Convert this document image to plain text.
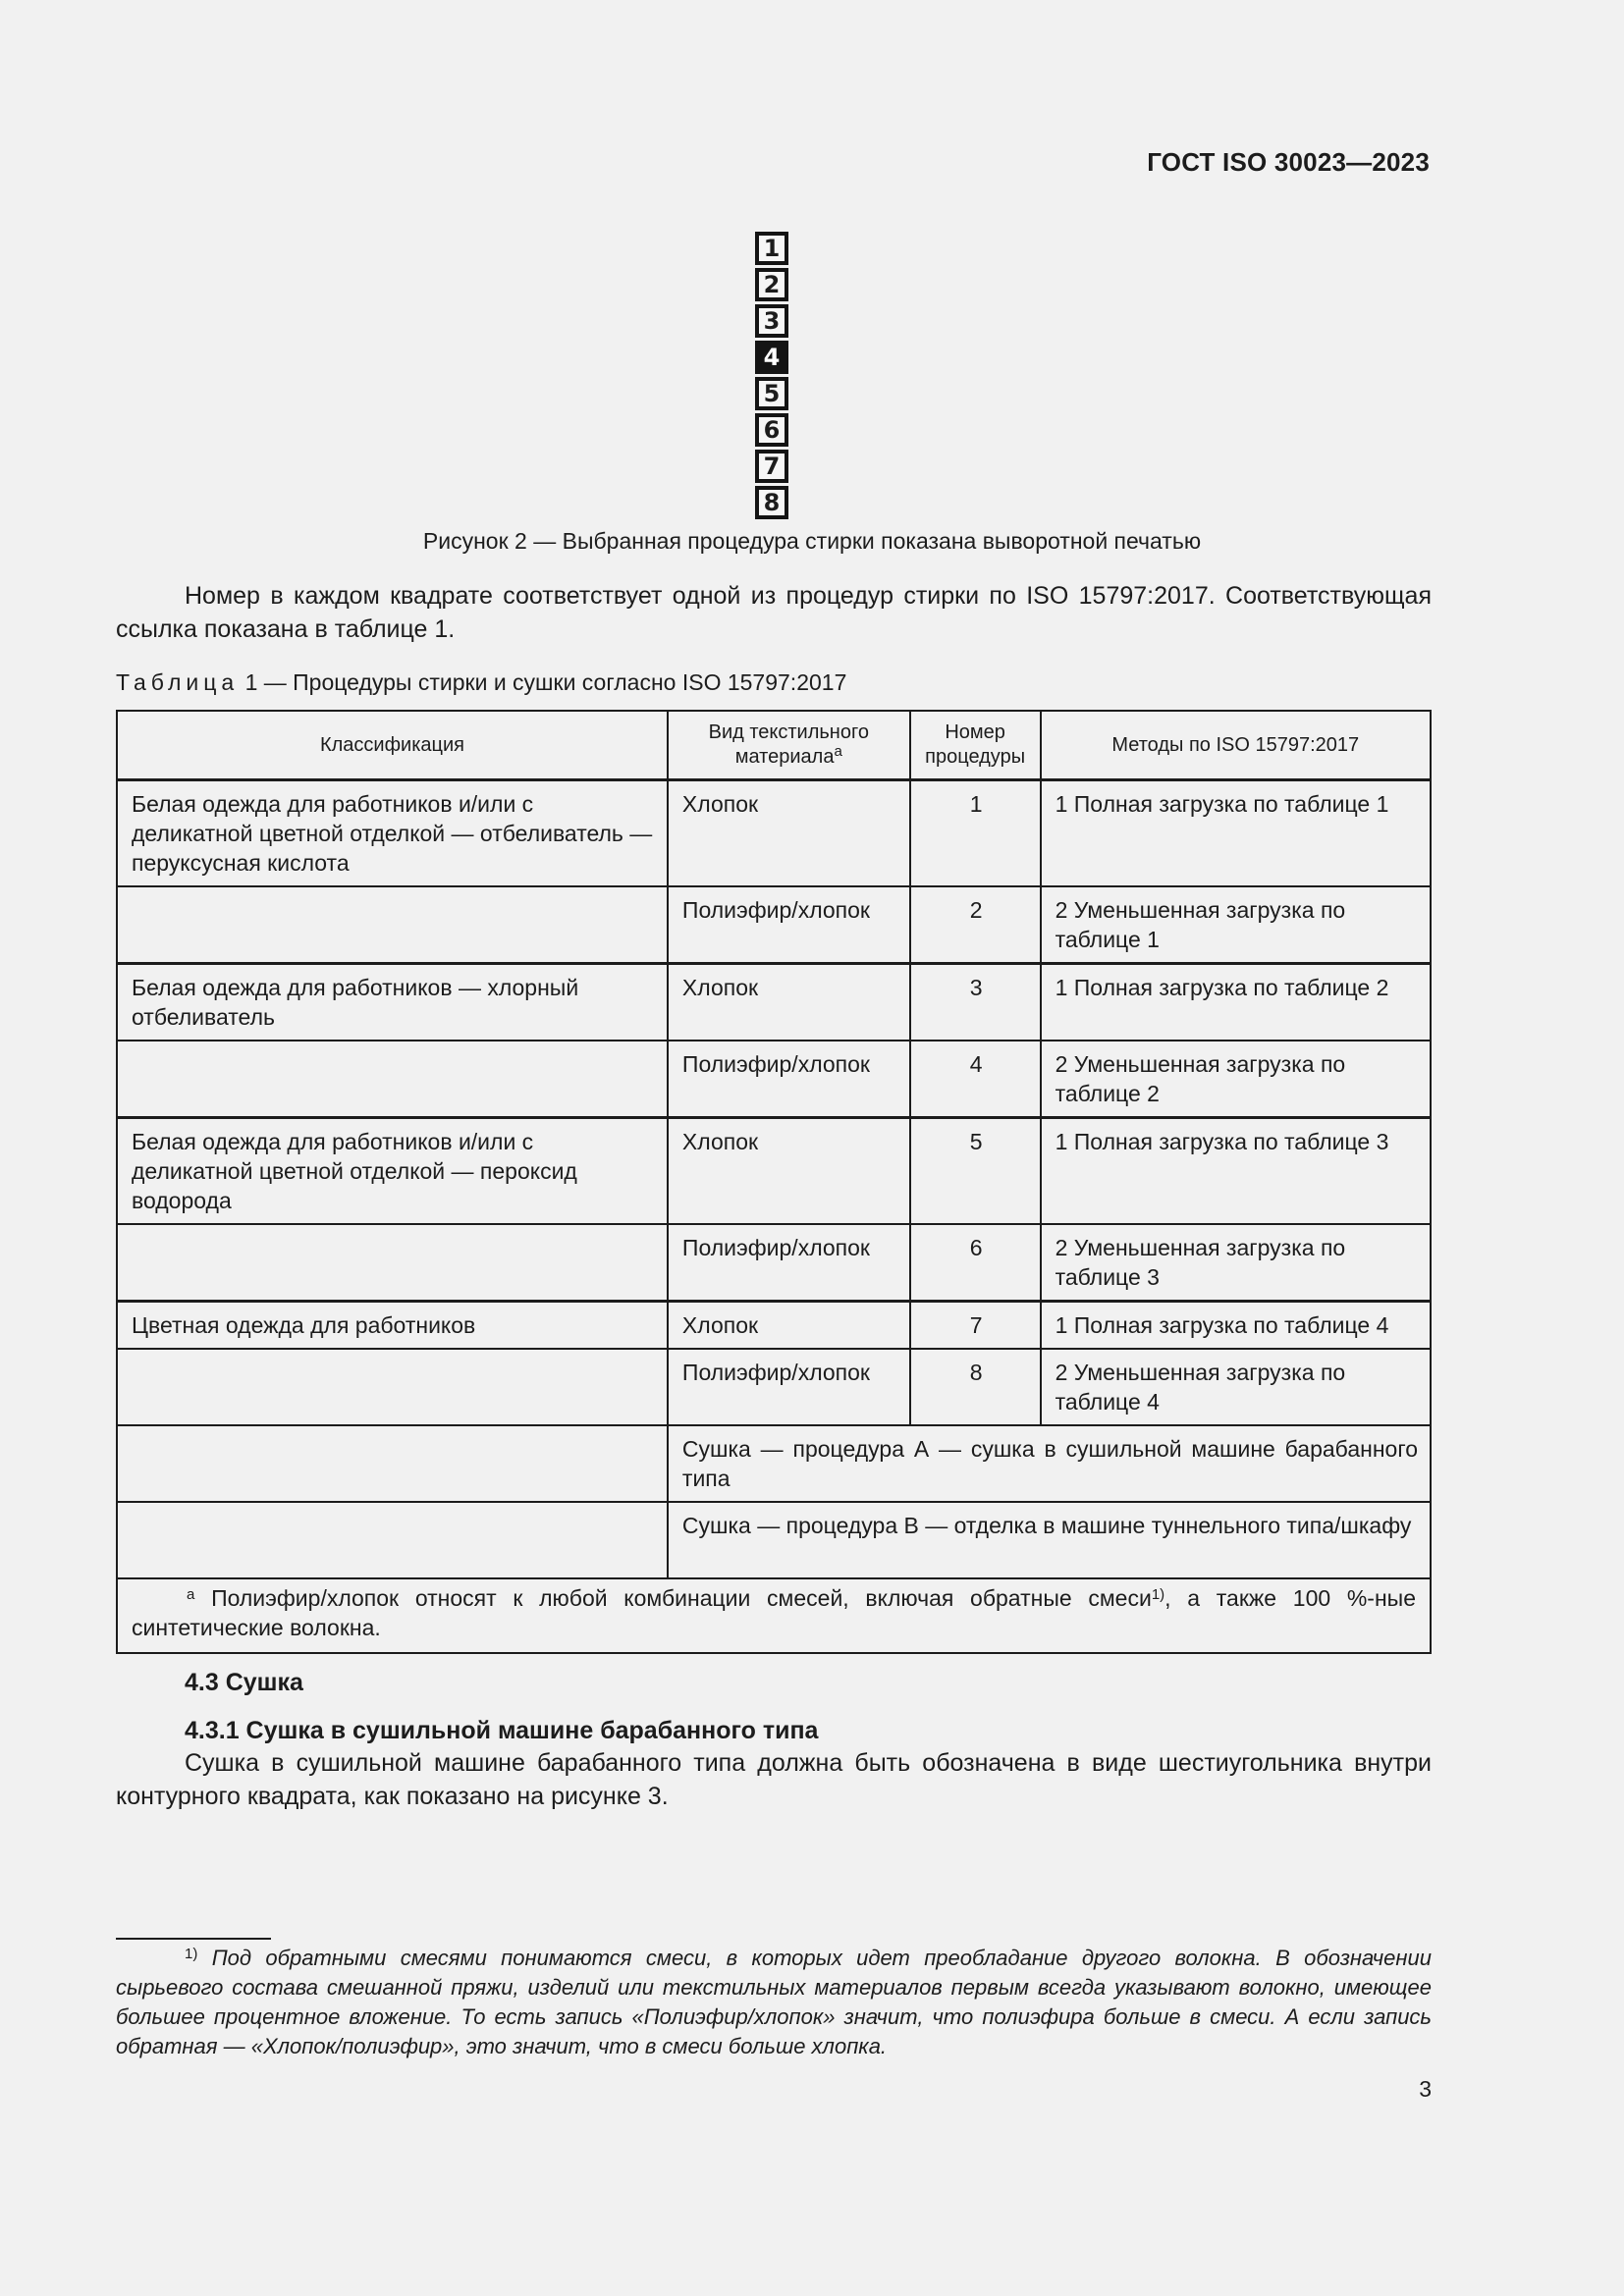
ГОСТ ISO 30023—2023
1
2
3
4
5
6
7
8
Рисунок 2 — Выбранная процедура стирки показана выворотной печатью
Номер в каждом квадрате соответствует одной из процедур стирки по ISO 15797:2017. Соответствующая ссылка показана в таблице 1.
Таблица 1 — Процедуры стирки и сушки согласно ISO 15797:2017
Классификация	Вид текстильного материала$^a$	Номер процедуры	Методы по ISO 15797:2017
Белая одежда для работников и/или с деликатной цветной отделкой — отбеливатель — перуксусная кислота	Хлопок	1	1 Полная загрузка по таблице 1
	Полиэфир/хлопок	2	2 Уменьшенная загрузка по таблице 1
Белая одежда для работников — хлорный отбеливатель	Хлопок	3	1 Полная загрузка по таблице 2
	Полиэфир/хлопок	4	2 Уменьшенная загрузка по таблице 2
Белая одежда для работников и/или с деликатной цветной отделкой — пероксид водорода	Хлопок	5	1 Полная загрузка по таблице 3
	Полиэфир/хлопок	6	2 Уменьшенная загрузка по таблице 3
Цветная одежда для работников	Хлопок	7	1 Полная загрузка по таблице 4
	Полиэфир/хлопок	8	2 Уменьшенная загрузка по таблице 4
	Сушка — процедура А — сушка в сушильной машине барабанного типа		
	Сушка — процедура В — отделка в машине туннельного типа/шкафу		
$^a$ Полиэфир/хлопок относят к любой комбинации смесей, включая обратные смеси$^{1)}$, а также 100 %-ные синтетические волокна.			
4.3 Сушка
4.3.1 Сушка в сушильной машине барабанного типа
Сушка в сушильной машине барабанного типа должна быть обозначена в виде шестиугольника внутри контурного квадрата, как показано на рисунке 3.
$^{1)}$ Под обратными смесями понимаются смеси, в которых идет преобладание другого волокна. В обозначении сырьевого состава смешанной пряжи, изделий или текстильных материалов первым всегда указывают волокно, имеющее большее процентное вложение. То есть запись «Полиэфир/хлопок» значит, что полиэфира больше в смеси. А если запись обратная — «Хлопок/полиэфир», это значит, что в смеси больше хлопка.
3
